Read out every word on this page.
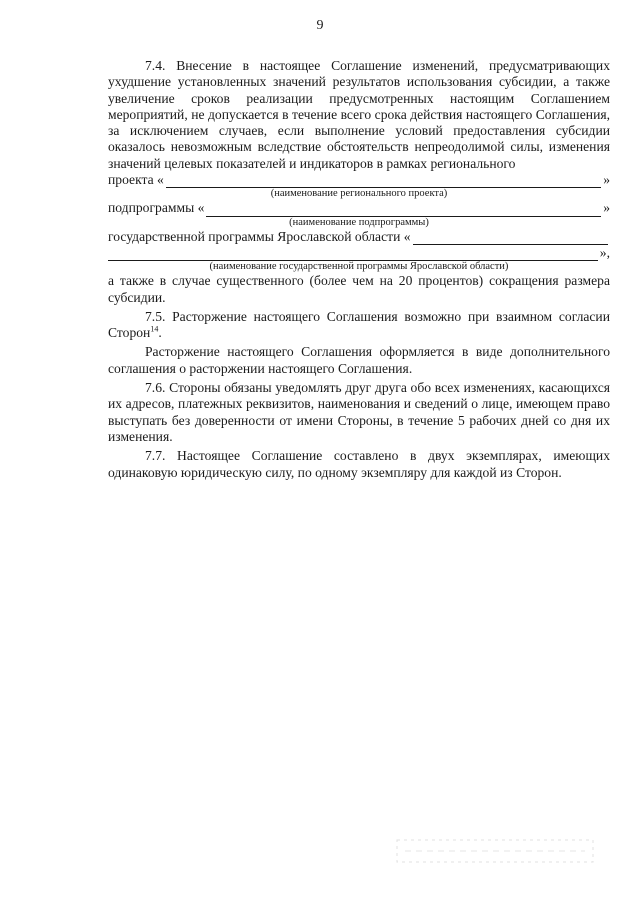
9

7.4. Внесение в настоящее Соглашение изменений, предусматривающих ухудшение установленных значений результатов использования субсидии, а также увеличение сроков реализации предусмотренных настоящим Соглашением мероприятий, не допускается в течение всего срока действия настоящего Соглашения, за исключением случаев, если выполнение условий предоставления субсидии оказалось невозможным вследствие обстоятельств непреодолимой силы, изменения значений целевых показателей и индикаторов в рамках регионального

проекта «	»
(наименование регионального проекта)
подпрограммы «	»
(наименование подпрограммы)
государственной программы Ярославской области «
»,
(наименование государственной программы Ярославской области)

а также в случае существенного (более чем на 20 процентов) сокращения размера субсидии.

7.5. Расторжение настоящего Соглашения возможно при взаимном согласии Сторон$^{14}$.

Расторжение настоящего Соглашения оформляется в виде дополнительного соглашения о расторжении настоящего Соглашения.

7.6. Стороны обязаны уведомлять друг друга обо всех изменениях, касающихся их адресов, платежных реквизитов, наименования и сведений о лице, имеющем право выступать без доверенности от имени Стороны, в течение 5 рабочих дней со дня их изменения.

7.7. Настоящее Соглашение составлено в двух экземплярах, имеющих одинаковую юридическую силу, по одному экземпляру для каждой из Сторон.
